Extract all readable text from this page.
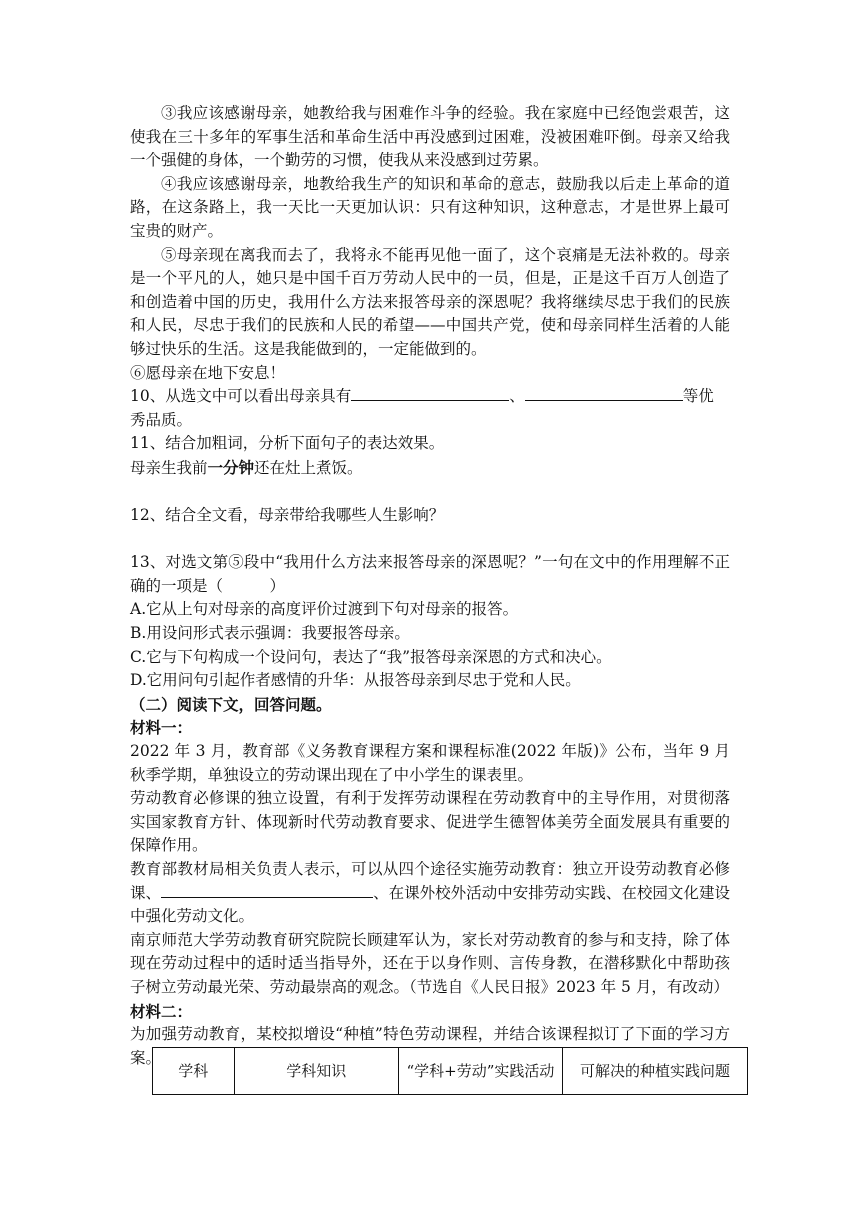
③我应该感谢母亲，她教给我与困难作斗争的经验。我在家庭中已经饱尝艰苦，这使我在三十多年的军事生活和革命生活中再没感到过困难，没被困难吓倒。母亲又给我一个强健的身体，一个勤劳的习惯，使我从来没感到过劳累。
④我应该感谢母亲，地教给我生产的知识和革命的意志，鼓励我以后走上革命的道路，在这条路上，我一天比一天更加认识：只有这种知识，这种意志，才是世界上最可宝贵的财产。
⑤母亲现在离我而去了，我将永不能再见他一面了，这个哀痛是无法补救的。母亲是一个平凡的人，她只是中国千百万劳动人民中的一员，但是，正是这千百万人创造了和创造着中国的历史，我用什么方法来报答母亲的深恩呢？我将继续尽忠于我们的民族和人民，尽忠于我们的民族和人民的希望——中国共产党，使和母亲同样生活着的人能够过快乐的生活。这是我能做到的，一定能做到的。
⑥愿母亲在地下安息！
10、从选文中可以看出母亲具有	、	等优
秀品质。
11、结合加粗词，分析下面句子的表达效果。
母亲生我前一分钟还在灶上煮饭。
12、结合全文看，母亲带给我哪些人生影响？
13、对选文第⑤段中“我用什么方法来报答母亲的深恩呢？”一句在文中的作用理解不正确的一项是（　　　）
A.它从上句对母亲的高度评价过渡到下句对母亲的报答。
B.用设问形式表示强调：我要报答母亲。
C.它与下句构成一个设问句，表达了“我”报答母亲深恩的方式和决心。
D.它用问句引起作者感情的升华：从报答母亲到尽忠于党和人民。
（二）阅读下文，回答问题。
材料一：
2022 年 3 月，教育部《义务教育课程方案和课程标准(2022 年版)》公布，当年 9 月秋季学期，单独设立的劳动课出现在了中小学生的课表里。
劳动教育必修课的独立设置，有利于发挥劳动课程在劳动教育中的主导作用，对贯彻落实国家教育方针、体现新时代劳动教育要求、促进学生德智体美劳全面发展具有重要的保障作用。
教育部教材局相关负责人表示，可以从四个途径实施劳动教育：独立开设劳动教育必修课、	、在课外校外活动中安排劳动实践、在校园文化建设中强化劳动文化。
南京师范大学劳动教育研究院院长顾建军认为，家长对劳动教育的参与和支持，除了体现在劳动过程中的适时适当指导外，还在于以身作则、言传身教，在潜移默化中帮助孩子树立劳动最光荣、劳动最崇高的观念。（节选自《人民日报》2023 年 5 月，有改动）
材料二：
为加强劳动教育，某校拟增设“种植”特色劳动课程，并结合该课程拟订了下面的学习方案。
学科	学科知识	“学科+劳动”实践活动	可解决的种植实践问题
